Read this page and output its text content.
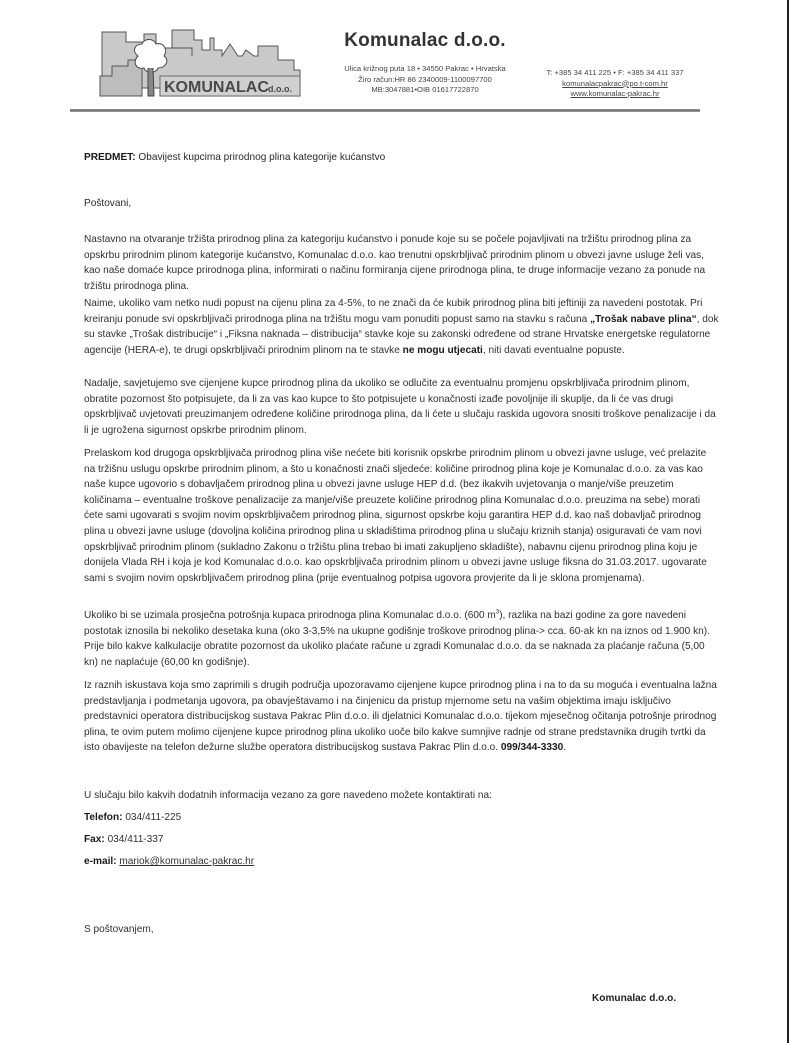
KOMUNALAC d.o.o.
Komunalac d.o.o.
Ulica križnog puta 18 • 34550 Pakrac • Hrvatska
Žiro račun:HR 86 2340009-1100097700
MB:3047881•OIB 01617722870
T: +385 34 411 225 • F: +385 34 411 337
komunalacpakrac@po.t-com.hr
www.komunalac-pakrac.hr
PREDMET: Obavijest kupcima prirodnog plina kategorije kućanstvo
Poštovani,

Nastavno na otvaranje tržišta prirodnog plina za kategoriju kućanstvo i ponude koje su se počele pojavljivati na tržištu prirodnog plina za opskrbu prirodnim plinom kategorije kućanstvo, Komunalac d.o.o. kao trenutni opskrbljivač prirodnim plinom u obvezi javne usluge želi vas, kao naše domaće kupce prirodnoga plina, informirati o načinu formiranja cijene prirodnoga plina, te druge informacije vezano za ponude na tržištu prirodnoga plina.

Naime, ukoliko vam netko nudi popust na cijenu plina za 4-5%, to ne znači da će kubik prirodnog plina biti jeftiniji za navedeni postotak. Pri kreiranju ponude svi opskrbljivači prirodnoga plina na tržištu mogu vam ponuditi popust samo na stavku s računa „Trošak nabave plina“, dok su stavke „Trošak distribucije“ i „Fiksna naknada – distribucija“ stavke koje su zakonski određene od strane Hrvatske energetske regulatorne agencije (HERA-e), te drugi opskrbljivači prirodnim plinom na te stavke ne mogu utjecati, niti davati eventualne popuste.

Nadalje, savjetujemo sve cijenjene kupce prirodnog plina da ukoliko se odlučite za eventualnu promjenu opskrbljivača prirodnim plinom, obratite pozornost što potpisujete, da li za vas kao kupce to što potpisujete u konačnosti izađe povoljnije ili skuplje, da li će vas drugi opskrbljivač uvjetovati preuzimanjem određene količine prirodnoga plina, da li ćete u slučaju raskida ugovora snositi troškove penalizacije i da li je ugrožena sigurnost opskrbe prirodnim plinom.

Prelaskom kod drugoga opskrbljivača prirodnog plina više nećete biti korisnik opskrbe prirodnim plinom u obvezi javne usluge, već prelazite na tržišnu uslugu opskrbe prirodnim plinom, a što u konačnosti znači sljedeće: količine prirodnog plina koje je Komunalac d.o.o. za vas kao naše kupce ugovorio s dobavljačem prirodnog plina u obvezi javne usluge HEP d.d. (bez ikakvih uvjetovanja o manje/više preuzetim količinama – eventualne troškove penalizacije za manje/više preuzete količine prirodnog plina Komunalac d.o.o. preuzima na sebe) morati ćete sami ugovarati s svojim novim opskrbljivačem prirodnog plina, sigurnost opskrbe koju garantira HEP d.d. kao naš dobavljač prirodnog plina u obvezi javne usluge (dovoljna količina prirodnog plina u skladištima prirodnog plina u slučaju kriznih stanja) osiguravati će vam novi opskrbljivač prirodnim plinom (sukladno Zakonu o tržištu plina trebao bi imati zakupljeno skladište), nabavnu cijenu prirodnog plina koju je donijela Vlada RH i koja je kod Komunalac d.o.o. kao opskrbljivača prirodnim plinom u obvezi javne usluge fiksna do 31.03.2017. ugovarate sami s svojim novim opskrbljivačem prirodnog plina (prije eventualnog potpisa ugovora provjerite da li je sklona promjenama).

Ukoliko bi se uzimala prosječna potrošnja kupaca prirodnoga plina Komunalac d.o.o. (600 $m^3$), razlika na bazi godine za gore navedeni postotak iznosila bi nekoliko desetaka kuna (oko 3-3,5% na ukupne godišnje troškove prirodnog plina-> cca. 60-ak kn na iznos od 1.900 kn). Prije bilo kakve kalkulacije obratite pozornost da ukoliko plaćate račune u zgradi Komunalac d.o.o. da se naknada za plaćanje računa (5,00 kn) ne naplaćuje (60,00 kn godišnje).

Iz raznih iskustava koja smo zaprimili s drugih područja upozoravamo cijenjene kupce prirodnog plina i na to da su moguća i eventualna lažna predstavljanja i podmetanja ugovora, pa obavještavamo i na činjenicu da pristup mjernome setu na vašim objektima imaju isključivo predstavnici operatora distribucijskog sustava Pakrac Plin d.o.o. ili djelatnici Komunalac d.o.o. tijekom mjesečnog očitanja potrošnje prirodnog plina, te ovim putem molimo cijenjene kupce prirodnog plina ukoliko uoče bilo kakve sumnjive radnje od strane predstavnika drugih tvrtki da isto obavijeste na telefon dežurne službe operatora distribucijskog sustava Pakrac Plin d.o.o. 099/344-3330.

U slučaju bilo kakvih dodatnih informacija vezano za gore navedeno možete kontaktirati na:
Telefon: 034/411-225
Fax: 034/411-337
e-mail: mariok@komunalac-pakrac.hr
S poštovanjem,
Komunalac d.o.o.
